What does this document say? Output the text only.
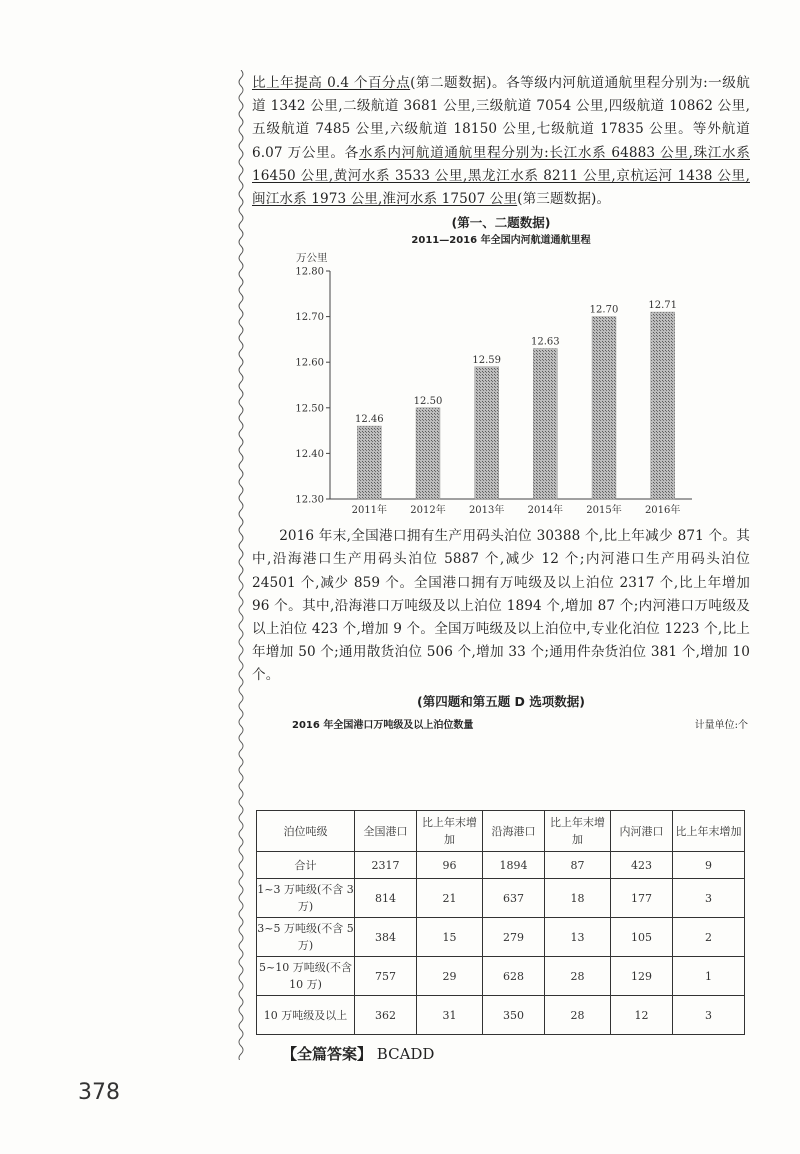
比上年提高 0.4 个百分点(第二题数据)。各等级内河航道通航里程分别为:一级航道 1342 公里,二级航道 3681 公里,三级航道 7054 公里,四级航道 10862 公里,五级航道 7485 公里,六级航道 18150 公里,七级航道 17835 公里。等外航道 6.07 万公里。各水系内河航道通航里程分别为:长江水系 64883 公里,珠江水系 16450 公里,黄河水系 3533 公里,黑龙江水系 8211 公里,京杭运河 1438 公里,闽江水系 1973 公里,淮河水系 17507 公里(第三题数据)。

(第一、二题数据)
2011—2016 年全国内河航道通航里程
万公里
12.30
12.40
12.50
12.60
12.70
12.80
12.46
12.50
12.59
12.63
12.70	12.71
2011年 2012年 2013年 2014年 2015年 2016年

2016 年末,全国港口拥有生产用码头泊位 30388 个,比上年减少 871 个。其中,沿海港口生产用码头泊位 5887 个,减少 12 个;内河港口生产用码头泊位 24501 个,减少 859 个。全国港口拥有万吨级及以上泊位 2317 个,比上年增加 96 个。其中,沿海港口万吨级及以上泊位 1894 个,增加 87 个;内河港口万吨级及以上泊位 423 个,增加 9 个。全国万吨级及以上泊位中,专业化泊位 1223 个,比上年增加 50 个;通用散货泊位 506 个,增加 33 个;通用件杂货泊位 381 个,增加 10 个。

(第四题和第五题 D 选项数据)
2016 年全国港口万吨级及以上泊位数量	计量单位:个
泊位吨级	全国港口	比上年末增加	沿海港口	比上年末增加	内河港口	比上年末增加
合计	2317	96	1894	87	423	9
1~3 万吨级(不含 3 万)	814	21	637	18	177	3
3~5 万吨级(不含 5 万)	384	15	279	13	105	2
5~10 万吨级(不含 10 万)	757	29	628	28	129	1
10 万吨级及以上	362	31	350	28	12	3
【全篇答案】 BCADD
378
